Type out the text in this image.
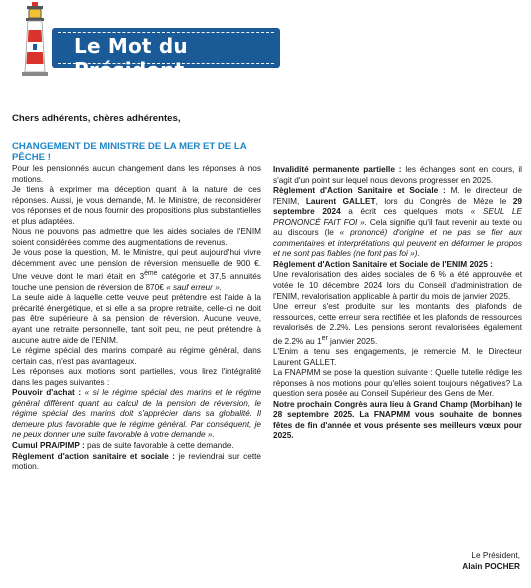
Le Mot du Président
Chers adhérents, chères adhérentes,

CHANGEMENT DE MINISTRE DE LA MER ET DE LA PÊCHE !

Pour les pensionnés aucun changement dans les réponses à nos motions.

Je tiens à exprimer ma déception quant à la nature de ces réponses. Aussi, je vous demande, M. le Ministre, de reconsidérer vos réponses et de nous fournir des propositions plus substantielles et plus adaptées.

Nous ne pouvons pas admettre que les aides sociales de l'ENIM soient considérées comme des augmentations de revenus.

Je vous pose la question, M. le Ministre, qui peut aujourd'hui vivre décemment avec une pension de réversion mensuelle de 900 €. Une veuve dont le mari était en 3ème catégorie et 37,5 annuités touche une pension de réversion de 870€ « sauf erreur ».

La seule aide à laquelle cette veuve peut prétendre est l'aide à la précarité énergétique, et si elle a sa propre retraite, celle-ci ne doit pas être supérieure à sa pension de réversion. Aucune veuve, ayant une retraite personnelle, tant soit peu, ne peut prétendre à aucune autre aide de l'ENIM.

Le régime spécial des marins comparé au régime général, dans certain cas, n'est pas avantageux.

Les réponses aux motions sont partielles, vous lirez l'intégralité dans les pages suivantes :

Pouvoir d'achat : « si le régime spécial des marins et le régime général diffèrent quant au calcul de la pension de réversion, le régime spécial des marins doit s'apprécier dans sa globalité. Il demeure plus favorable que le régime général. Par conséquent, je ne peux donner une suite favorable à votre demande ».

Cumul PRA/PIMP : pas de suite favorable à cette demande.

Règlement d'action sanitaire et sociale : je reviendrai sur cette motion.

Invalidité permanente partielle : les échanges sont en cours, il s'agit d'un point sur lequel nous devons progresser en 2025.

Règlement d'Action Sanitaire et Sociale : M. le directeur de l'ENIM, Laurent GALLET, lors du Congrès de Mèze le 29 septembre 2024 a écrit ces quelques mots « SEUL LE PRONONCÉ FAIT FOI ». Cela signifie qu'il faut revenir au texte ou au discours (le « prononcé) d'origine et ne pas se fier aux commentaires et interprétations qui peuvent en déformer le propos et ne sont pas fiables (ne font pas foi »).

Règlement d'Action Sanitaire et Sociale de l'ENIM 2025 :
Une revalorisation des aides sociales de 6 % a été approuvée et votée le 10 décembre 2024 lors du Conseil d'administration de l'ENIM, revalorisation applicable à partir du mois de janvier 2025.

Une erreur s'est produite sur les montants des plafonds de ressources, cette erreur sera rectifiée et les plafonds de ressources revalorisés de 2.2%. Les pensions seront revalorisées également de 2.2% au 1er janvier 2025.

L'Enim a tenu ses engagements, je remercie M. le Directeur Laurent GALLET.

La FNAPMM se pose la question suivante : Quelle tutelle rédige les réponses à nos motions pour qu'elles soient toujours négatives? La question sera posée au Conseil Supérieur des Gens de Mer.

Notre prochain Congrès aura lieu à Grand Champ (Morbihan) le 28 septembre 2025. La FNAPMM vous souhaite de bonnes fêtes de fin d'année et vous présente ses meilleurs vœux pour 2025.

Le Président,
Alain POCHER
